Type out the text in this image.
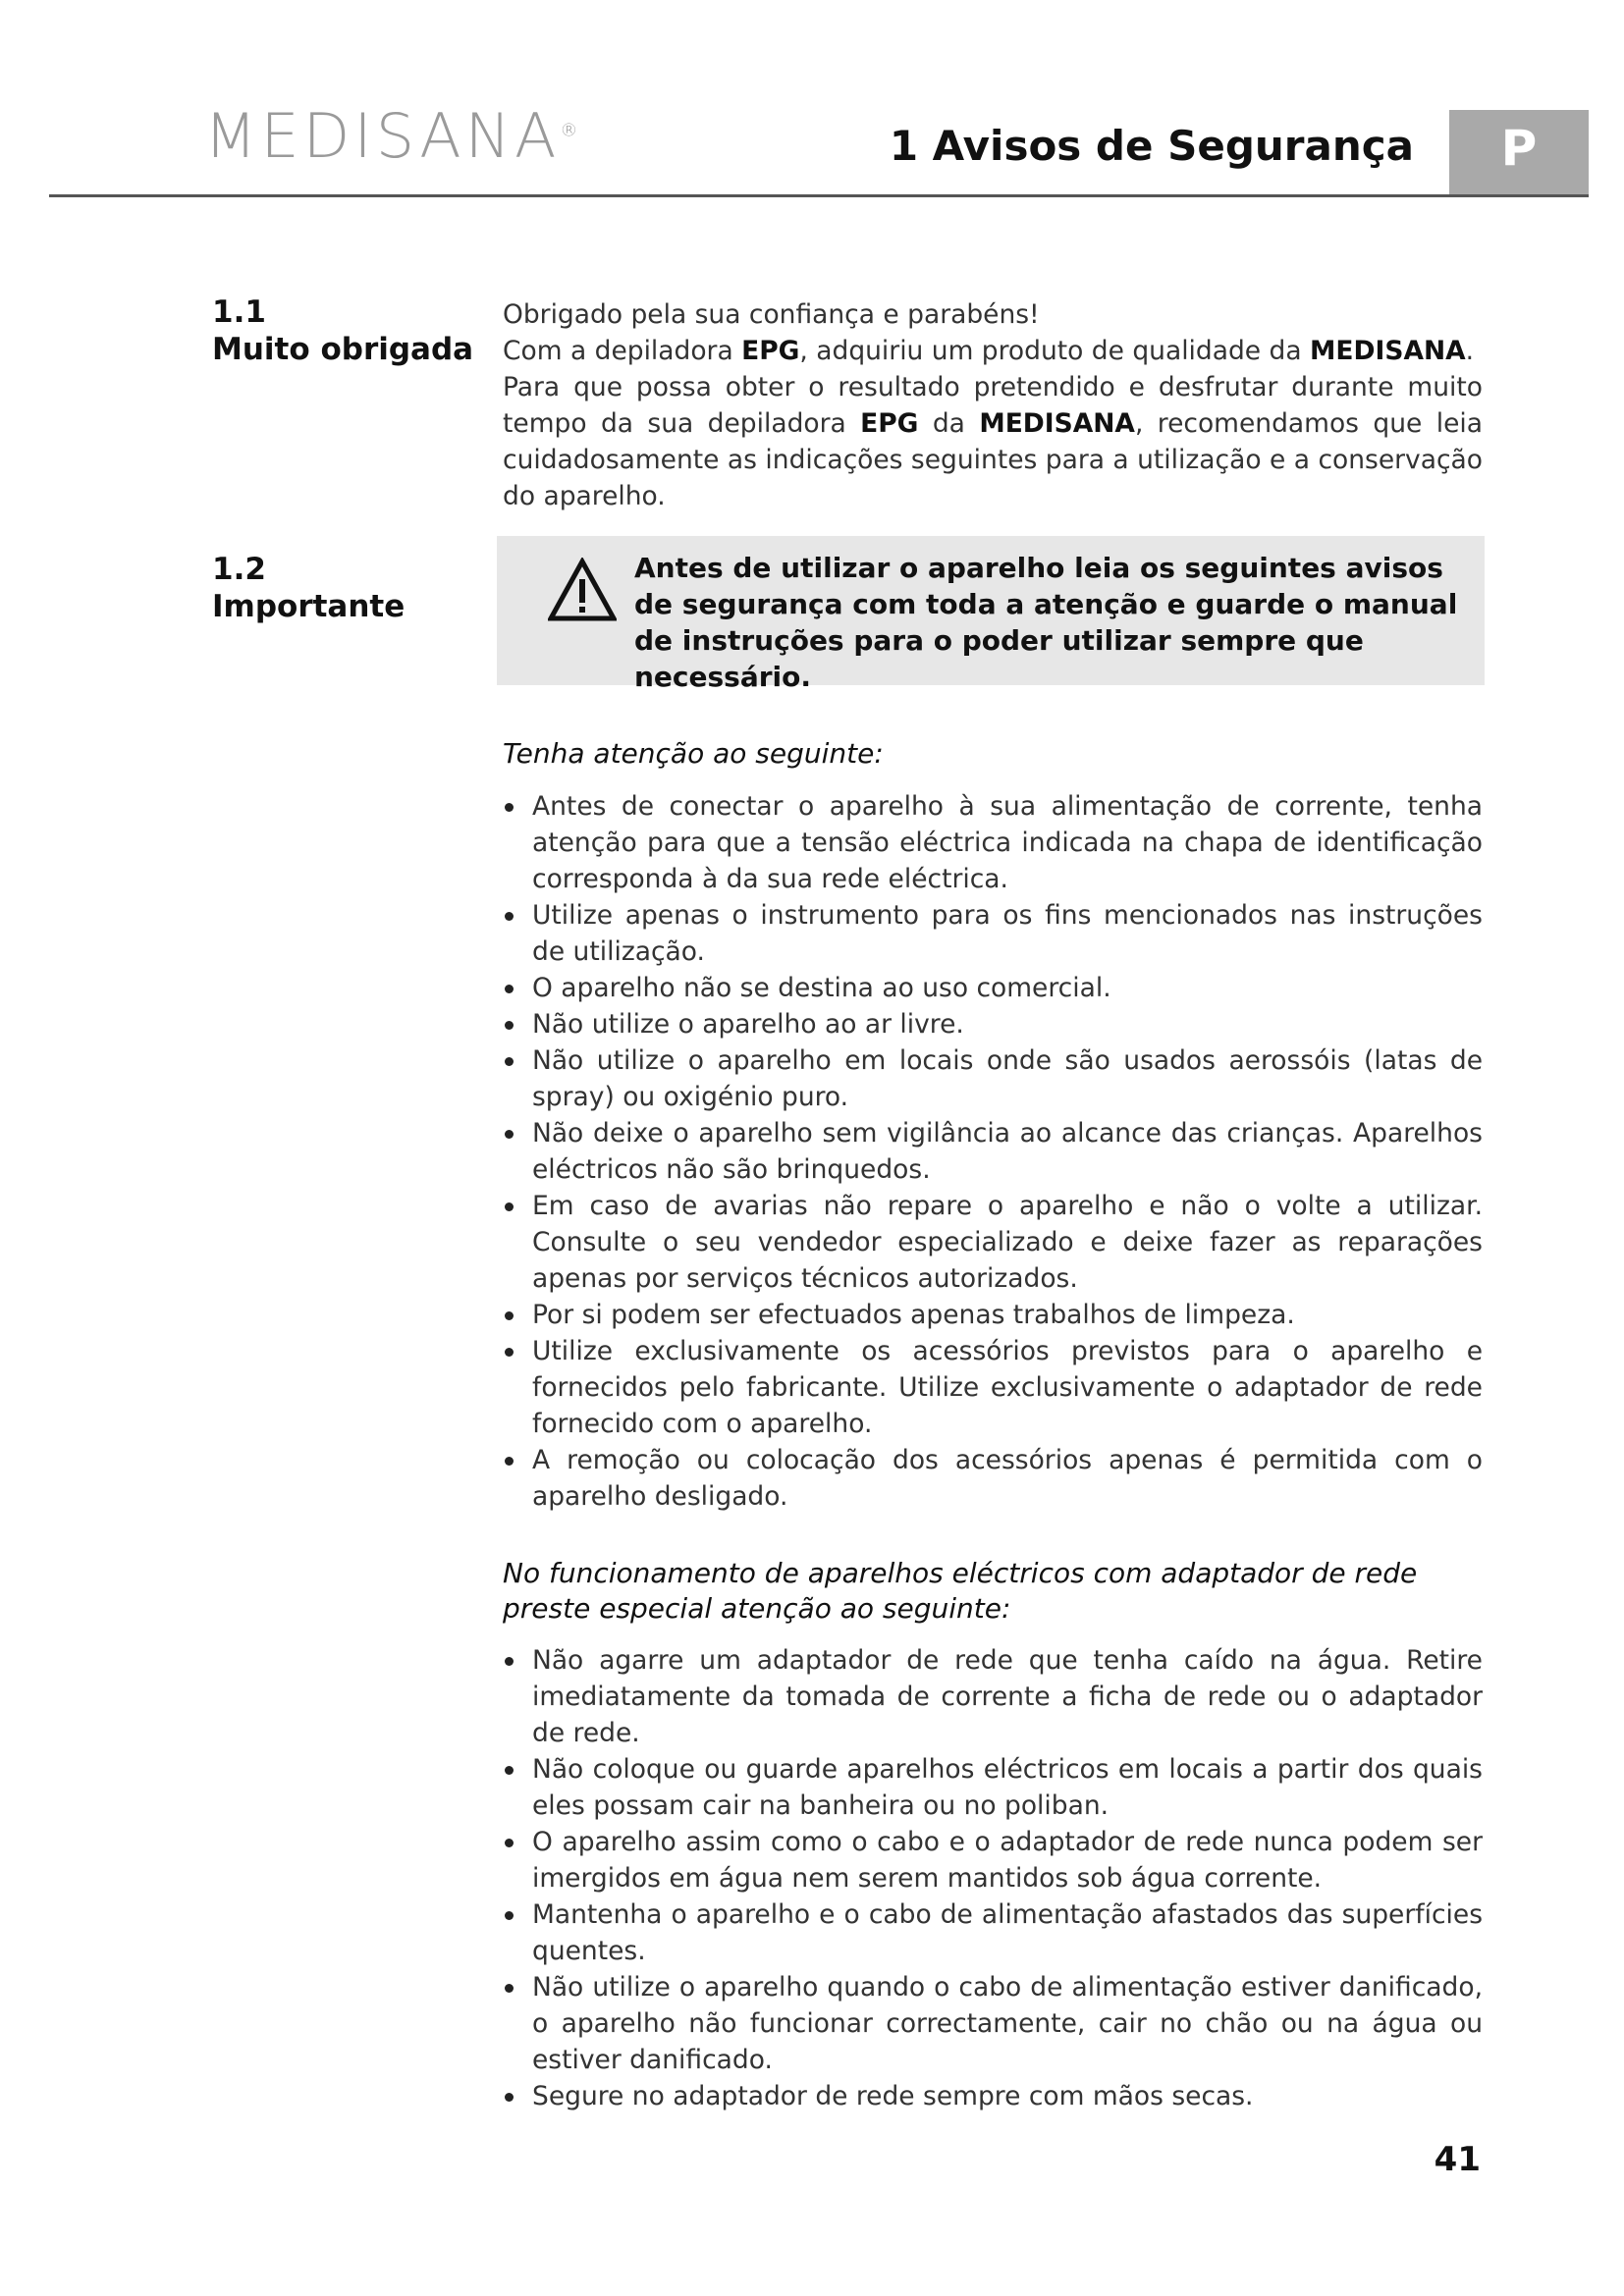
MEDISANA®	1 Avisos de Segurança	P
1.1
Muito obrigada

Obrigado pela sua confiança e parabéns!

Com a depiladora EPG, adquiriu um produto de qualidade da MEDISANA.

Para que possa obter o resultado pretendido e desfrutar durante muito tempo da sua depiladora EPG da MEDISANA, recomendamos que leia cuidadosamente as indicações seguintes para a utilização e a conservação do aparelho.

1.2
Importante
Antes de utilizar o aparelho leia os seguintes avisos
de segurança com toda a atenção e guarde o manual
de instruções para o poder utilizar sempre que necessário.
Tenha atenção ao seguinte:
Antes de conectar o aparelho à sua alimentação de corrente, tenha atenção para que a tensão eléctrica indicada na chapa de identificação corresponda à da sua rede eléctrica.
Utilize apenas o instrumento para os fins mencionados nas instruções de utilização.
O aparelho não se destina ao uso comercial.
Não utilize o aparelho ao ar livre.
Não utilize o aparelho em locais onde são usados aerossóis (latas de spray) ou oxigénio puro.
Não deixe o aparelho sem vigilância ao alcance das crianças. Aparelhos eléctricos não são brinquedos.
Em caso de avarias não repare o aparelho e não o volte a utilizar. Consulte o seu vendedor especializado e deixe fazer as reparações apenas por serviços técnicos autorizados.
Por si podem ser efectuados apenas trabalhos de limpeza.
Utilize exclusivamente os acessórios previstos para o aparelho e fornecidos pelo fabricante. Utilize exclusivamente o adaptador de rede fornecido com o aparelho.
A remoção ou colocação dos acessórios apenas é permitida com o aparelho desligado.
No funcionamento de aparelhos eléctricos com adaptador de rede
preste especial atenção ao seguinte:
Não agarre um adaptador de rede que tenha caído na água. Retire imediatamente da tomada de corrente a ficha de rede ou o adaptador de rede.
Não coloque ou guarde aparelhos eléctricos em locais a partir dos quais eles possam cair na banheira ou no poliban.
O aparelho assim como o cabo e o adaptador de rede nunca podem ser imergidos em água nem serem mantidos sob água corrente.
Mantenha o aparelho e o cabo de alimentação afastados das superfícies quentes.
Não utilize o aparelho quando o cabo de alimentação estiver danificado, o aparelho não funcionar correctamente, cair no chão ou na água ou estiver danificado.
Segure no adaptador de rede sempre com mãos secas.
41
